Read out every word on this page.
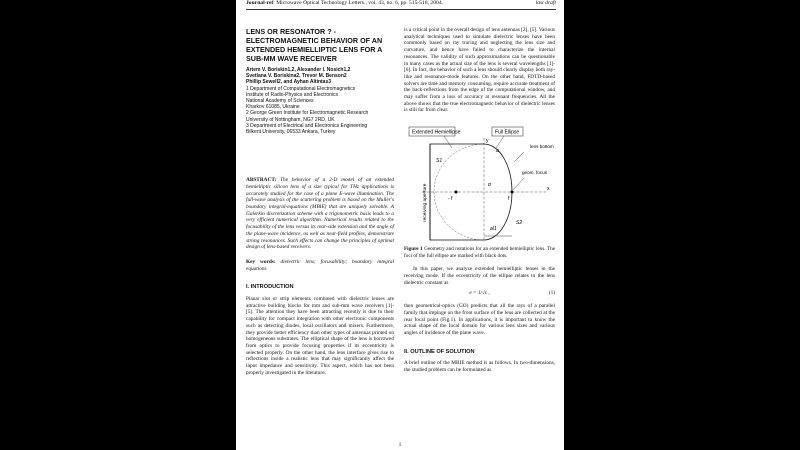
Journal-ref: Microwave Optical Technology Letters., vol. 43, no. 6, pp. 515-518, 2004.	last draft
LENS OR RESONATOR ? - ELECTROMAGNETIC BEHAVIOR OF AN EXTENDED HEMIELLIPTIC LENS FOR A SUB-MM WAVE RECEIVER
Artem V. Boriskin1,2, Alexander I. Nosich1,2
Svetlana V. Boriskina2, Trevor M. Benson2
Phillip Sewell2, and Ayhan Altintas3
1 Department of Computational Electromagnetics
Institute of Radio-Physics and Electronics
National Academy of Sciences
Kharkov 61085, Ukraine
2 George Green Institute for Electromagnetic Research
University of Nottingham, NG7 2RD, UK
3 Department of Electrical and Electronics Engineering
Bilkent University, 06533 Ankara, Turkey

ABSTRACT: The behavior of a 2-D model of an extended hemielliptic silicon lens of a size typical for THz applications is accurately studied for the case of a plane E-wave illumination. The full-wave analysis of the scattering problem is based on the Muller's boundary integral-equations (MBIE) that are uniquely solvable. A Galerkin discretization scheme with a trigonometric basis leads to a very efficient numerical algorithm. Numerical results related to the focusability of the lens versus its rear-side extension and the angle of the plane-wave incidence, as well as near-field profiles, demonstrate strong resonances. Such effects can change the principles of optimal design of lens-based receivers.

Key words: dielectric lens; focusability; boundary integral equations

I. INTRODUCTION

Planar slot or strip elements combined with dielectric lenses are attractive building blocks for mm and sub-mm wave receivers [1]-[5]. The attention they have been attracting recently is due to their capability for compact integration with other electronic components such as detecting diodes, local oscillators and mixers. Furthermore, they provide better efficiency than other types of antennas printed on homogeneous substrates. The elliptical shape of the lens is borrowed from optics to provide focusing properties if its eccentricity is selected properly. On the other hand, the lens interface gives rise to reflections inside a realistic lens that may significantly affect the input impedance and sensitivity. This aspect, which has not been properly investigated in the literature,

is a critical point in the overall design of lens antennas [2], [5]. Various analytical techniques used to simulate dielectric lenses have been commonly based on ray tracing and neglecting the lens size and curvature, and hence have failed to characterize the internal resonances. The validity of such approximations can be questionable in many cases as the actual size of the lens is several wavelengths [1]-[6]. In fact, the behavior of such a lens should clearly display both ray-like and resonance-mode features. On the other hand, FDTD-based solvers are time and memory consuming, require accurate treatment of the back-reflections from the edge of the computational window, and may suffer from a loss of accuracy at resonant frequencies. All the above shows that the true electromagnetic behavior of dielectric lenses is still far from clear.

Extended Hemiellipse	Full Ellipse
y
x
- f	f
a
S1
S2
α
al1
receiving aperture
lens bottom
geom. focus

Figure 1 Geometry and notations for an extended hemielliptic lens. The foci of the full ellipse are marked with black dots.

In this paper, we analyze extended hemielliptic lenses in the receiving mode. If the eccentricity of the ellipse relates to the lens dielectric constant as

e = 1/√ε ,	(1)

then geometrical-optics (GO) predicts that all the rays of a parallel family that impinge on the front surface of the lens are collected at the rear focal point (Fig.1). In applications, it is important to know the actual shape of the focal domain for various lens sizes and various angles of incidence of the plane wave.

II. OUTLINE OF SOLUTION

A brief outline of the MBIE method is as follows. In two-dimensions, the studied problem can be formulated as

1
